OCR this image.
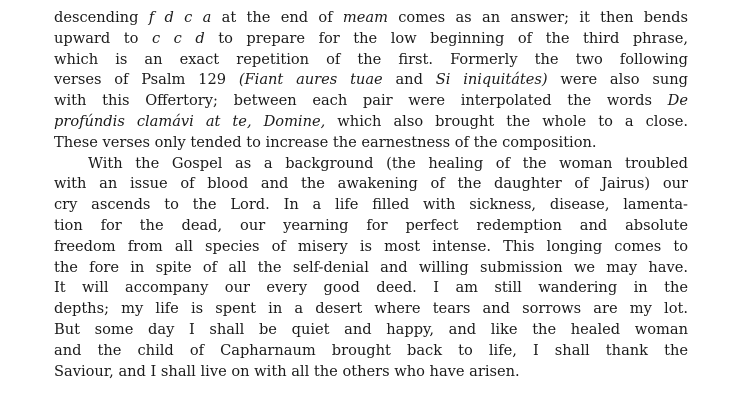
descending f d c a at the end of meam comes as an answer; it then bends
upward to c c d to prepare for the low beginning of the third phrase,
which is an exact repetition of the first. Formerly the two following
verses of Psalm 129 (Fiant aures tuae and Si iniquitátes) were also sung
with this Offertory; between each pair were interpolated the words De
profúndis clamávi at te, Domine, which also brought the whole to a close.
These verses only tended to increase the earnestness of the composition.
With the Gospel as a background (the healing of the woman troubled
with an issue of blood and the awakening of the daughter of Jairus) our
cry ascends to the Lord. In a life filled with sickness, disease, lamenta-
tion for the dead, our yearning for perfect redemption and absolute
freedom from all species of misery is most intense. This longing comes to
the fore in spite of all the self-denial and willing submission we may have.
It will accompany our every good deed. I am still wandering in the
depths; my life is spent in a desert where tears and sorrows are my lot.
But some day I shall be quiet and happy, and like the healed woman
and the child of Capharnaum brought back to life, I shall thank the
Saviour, and I shall live on with all the others who have arisen.
